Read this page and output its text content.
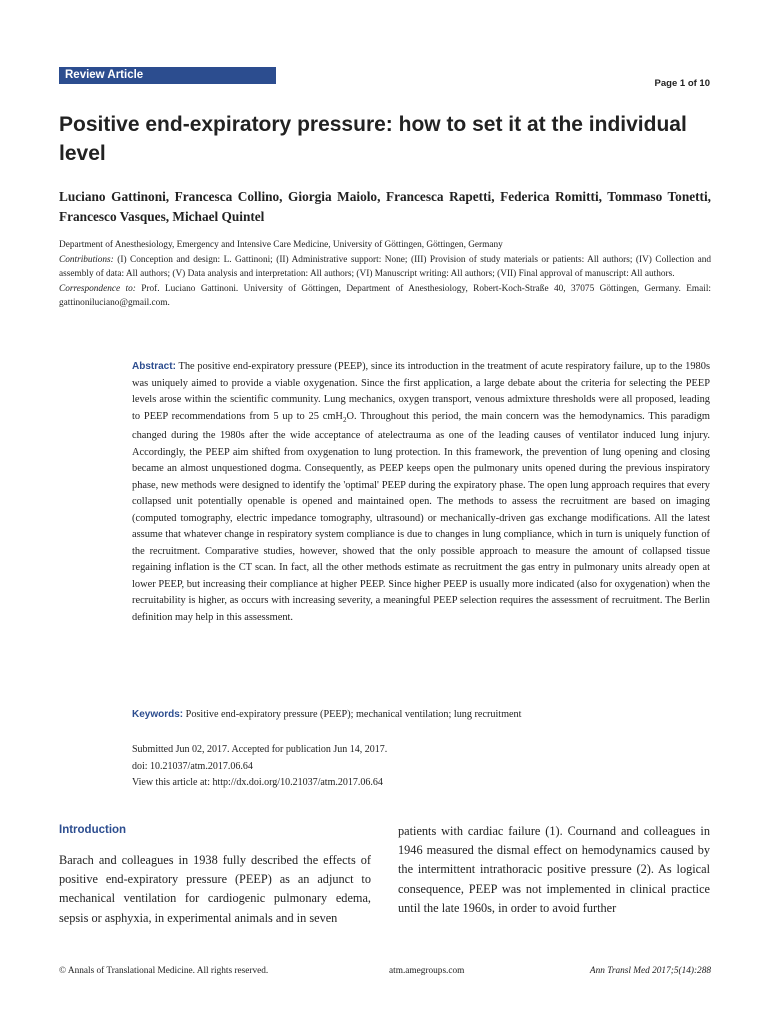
Review Article
Page 1 of 10
Positive end-expiratory pressure: how to set it at the individual level
Luciano Gattinoni, Francesca Collino, Giorgia Maiolo, Francesca Rapetti, Federica Romitti, Tommaso Tonetti, Francesco Vasques, Michael Quintel

Department of Anesthesiology, Emergency and Intensive Care Medicine, University of Göttingen, Göttingen, Germany

Contributions: (I) Conception and design: L. Gattinoni; (II) Administrative support: None; (III) Provision of study materials or patients: All authors; (IV) Collection and assembly of data: All authors; (V) Data analysis and interpretation: All authors; (VI) Manuscript writing: All authors; (VII) Final approval of manuscript: All authors.

Correspondence to: Prof. Luciano Gattinoni. University of Göttingen, Department of Anesthesiology, Robert-Koch-Straße 40, 37075 Göttingen, Germany. Email: gattinoniluciano@gmail.com.

Abstract: The positive end-expiratory pressure (PEEP), since its introduction in the treatment of acute respiratory failure, up to the 1980s was uniquely aimed to provide a viable oxygenation. Since the first application, a large debate about the criteria for selecting the PEEP levels arose within the scientific community. Lung mechanics, oxygen transport, venous admixture thresholds were all proposed, leading to PEEP recommendations from 5 up to 25 cmH$_2$O. Throughout this period, the main concern was the hemodynamics. This paradigm changed during the 1980s after the wide acceptance of atelectrauma as one of the leading causes of ventilator induced lung injury. Accordingly, the PEEP aim shifted from oxygenation to lung protection. In this framework, the prevention of lung opening and closing became an almost unquestioned dogma. Consequently, as PEEP keeps open the pulmonary units opened during the previous inspiratory phase, new methods were designed to identify the 'optimal' PEEP during the expiratory phase. The open lung approach requires that every collapsed unit potentially openable is opened and maintained open. The methods to assess the recruitment are based on imaging (computed tomography, electric impedance tomography, ultrasound) or mechanically-driven gas exchange modifications. All the latest assume that whatever change in respiratory system compliance is due to changes in lung compliance, which in turn is uniquely function of the recruitment. Comparative studies, however, showed that the only possible approach to measure the amount of collapsed tissue regaining inflation is the CT scan. In fact, all the other methods estimate as recruitment the gas entry in pulmonary units already open at lower PEEP, but increasing their compliance at higher PEEP. Since higher PEEP is usually more indicated (also for oxygenation) when the recruitability is higher, as occurs with increasing severity, a meaningful PEEP selection requires the assessment of recruitment. The Berlin definition may help in this assessment.

Keywords: Positive end-expiratory pressure (PEEP); mechanical ventilation; lung recruitment
Submitted Jun 02, 2017. Accepted for publication Jun 14, 2017.
doi: 10.21037/atm.2017.06.64
View this article at: http://dx.doi.org/10.21037/atm.2017.06.64
Introduction

Barach and colleagues in 1938 fully described the effects of positive end-expiratory pressure (PEEP) as an adjunct to mechanical ventilation for cardiogenic pulmonary edema, sepsis or asphyxia, in experimental animals and in seven

patients with cardiac failure (1). Cournand and colleagues in 1946 measured the dismal effect on hemodynamics caused by the intermittent intrathoracic positive pressure (2). As logical consequence, PEEP was not implemented in clinical practice until the late 1960s, in order to avoid further

© Annals of Translational Medicine. All rights reserved.	atm.amegroups.com	Ann Transl Med 2017;5(14):288
